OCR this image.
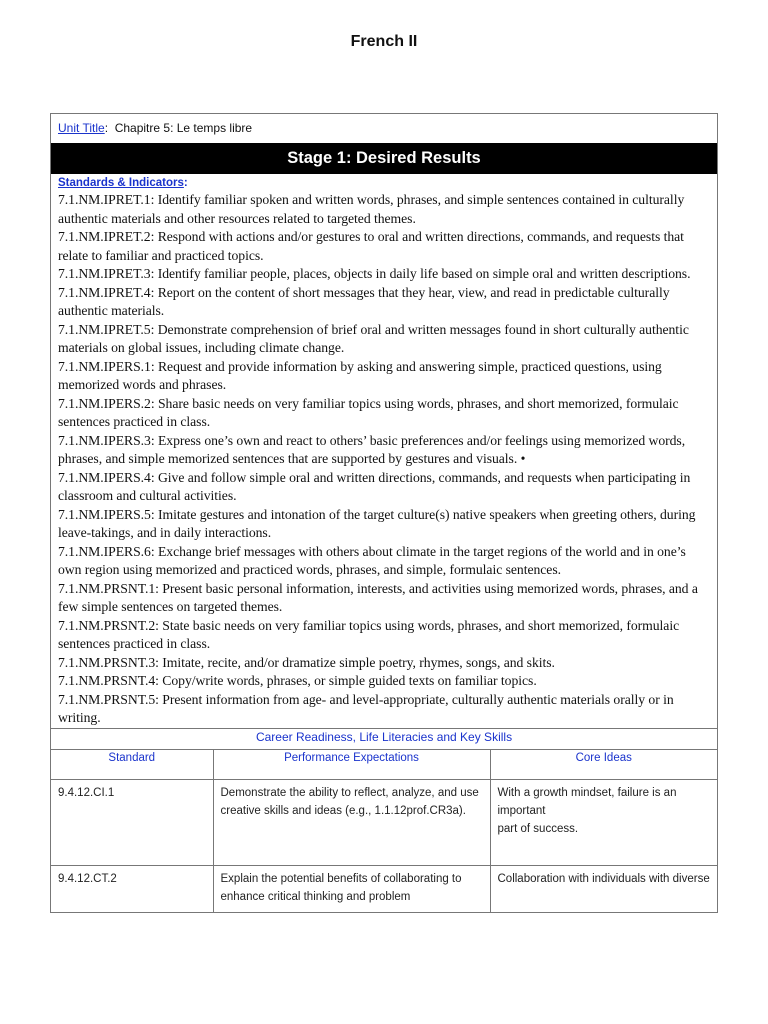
French II
Unit Title:  Chapitre 5: Le temps libre
Stage 1: Desired Results
Standards & Indicators:
7.1.NM.IPRET.1: Identify familiar spoken and written words, phrases, and simple sentences contained in culturally authentic materials and other resources related to targeted themes.
7.1.NM.IPRET.2: Respond with actions and/or gestures to oral and written directions, commands, and requests that relate to familiar and practiced topics.
7.1.NM.IPRET.3: Identify familiar people, places, objects in daily life based on simple oral and written descriptions.
7.1.NM.IPRET.4: Report on the content of short messages that they hear, view, and read in predictable culturally authentic materials.
7.1.NM.IPRET.5: Demonstrate comprehension of brief oral and written messages found in short culturally authentic materials on global issues, including climate change.
7.1.NM.IPERS.1: Request and provide information by asking and answering simple, practiced questions, using memorized words and phrases.
7.1.NM.IPERS.2: Share basic needs on very familiar topics using words, phrases, and short memorized, formulaic sentences practiced in class.
7.1.NM.IPERS.3: Express one’s own and react to others’ basic preferences and/or feelings using memorized words, phrases, and simple memorized sentences that are supported by gestures and visuals. •
7.1.NM.IPERS.4: Give and follow simple oral and written directions, commands, and requests when participating in classroom and cultural activities.
7.1.NM.IPERS.5: Imitate gestures and intonation of the target culture(s) native speakers when greeting others, during leave-takings, and in daily interactions.
7.1.NM.IPERS.6: Exchange brief messages with others about climate in the target regions of the world and in one’s own region using memorized and practiced words, phrases, and simple, formulaic sentences.
7.1.NM.PRSNT.1: Present basic personal information, interests, and activities using memorized words, phrases, and a few simple sentences on targeted themes.
7.1.NM.PRSNT.2: State basic needs on very familiar topics using words, phrases, and short memorized, formulaic sentences practiced in class.
7.1.NM.PRSNT.3: Imitate, recite, and/or dramatize simple poetry, rhymes, songs, and skits.
7.1.NM.PRSNT.4: Copy/write words, phrases, or simple guided texts on familiar topics.
7.1.NM.PRSNT.5: Present information from age- and level-appropriate, culturally authentic materials orally or in writing.
Career Readiness, Life Literacies and Key Skills
Standard	Performance Expectations	Core Ideas
9.4.12.CI.1	Demonstrate the ability to reflect, analyze, and use creative skills and ideas (e.g., 1.1.12prof.CR3a).	With a growth mindset, failure is an important
part of success.
9.4.12.CT.2	Explain the potential benefits of collaborating to enhance critical thinking and problem	Collaboration with individuals with diverse
